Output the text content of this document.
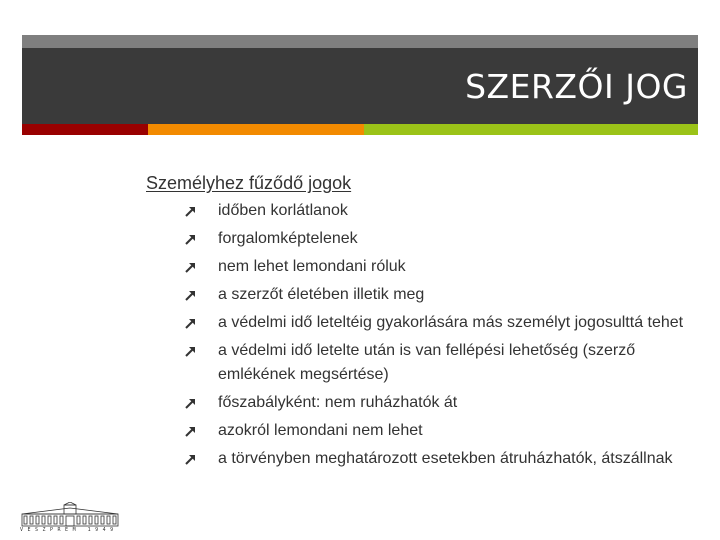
SZERZŐI JOG
Személyhez fűződő jogok
időben korlátlanok
forgalomképtelenek
nem lehet lemondani róluk
a szerzőt életében illetik meg
a védelmi idő leteltéig gyakorlására más személyt jogosulttá tehet
a védelmi idő letelte után is van fellépési lehetőség (szerző emlékének megsértése)
főszabályként: nem ruházhatók át
azokról lemondani nem lehet
a törvényben meghatározott esetekben átruházhatók, átszállnak
VESZPRÉM 1949
